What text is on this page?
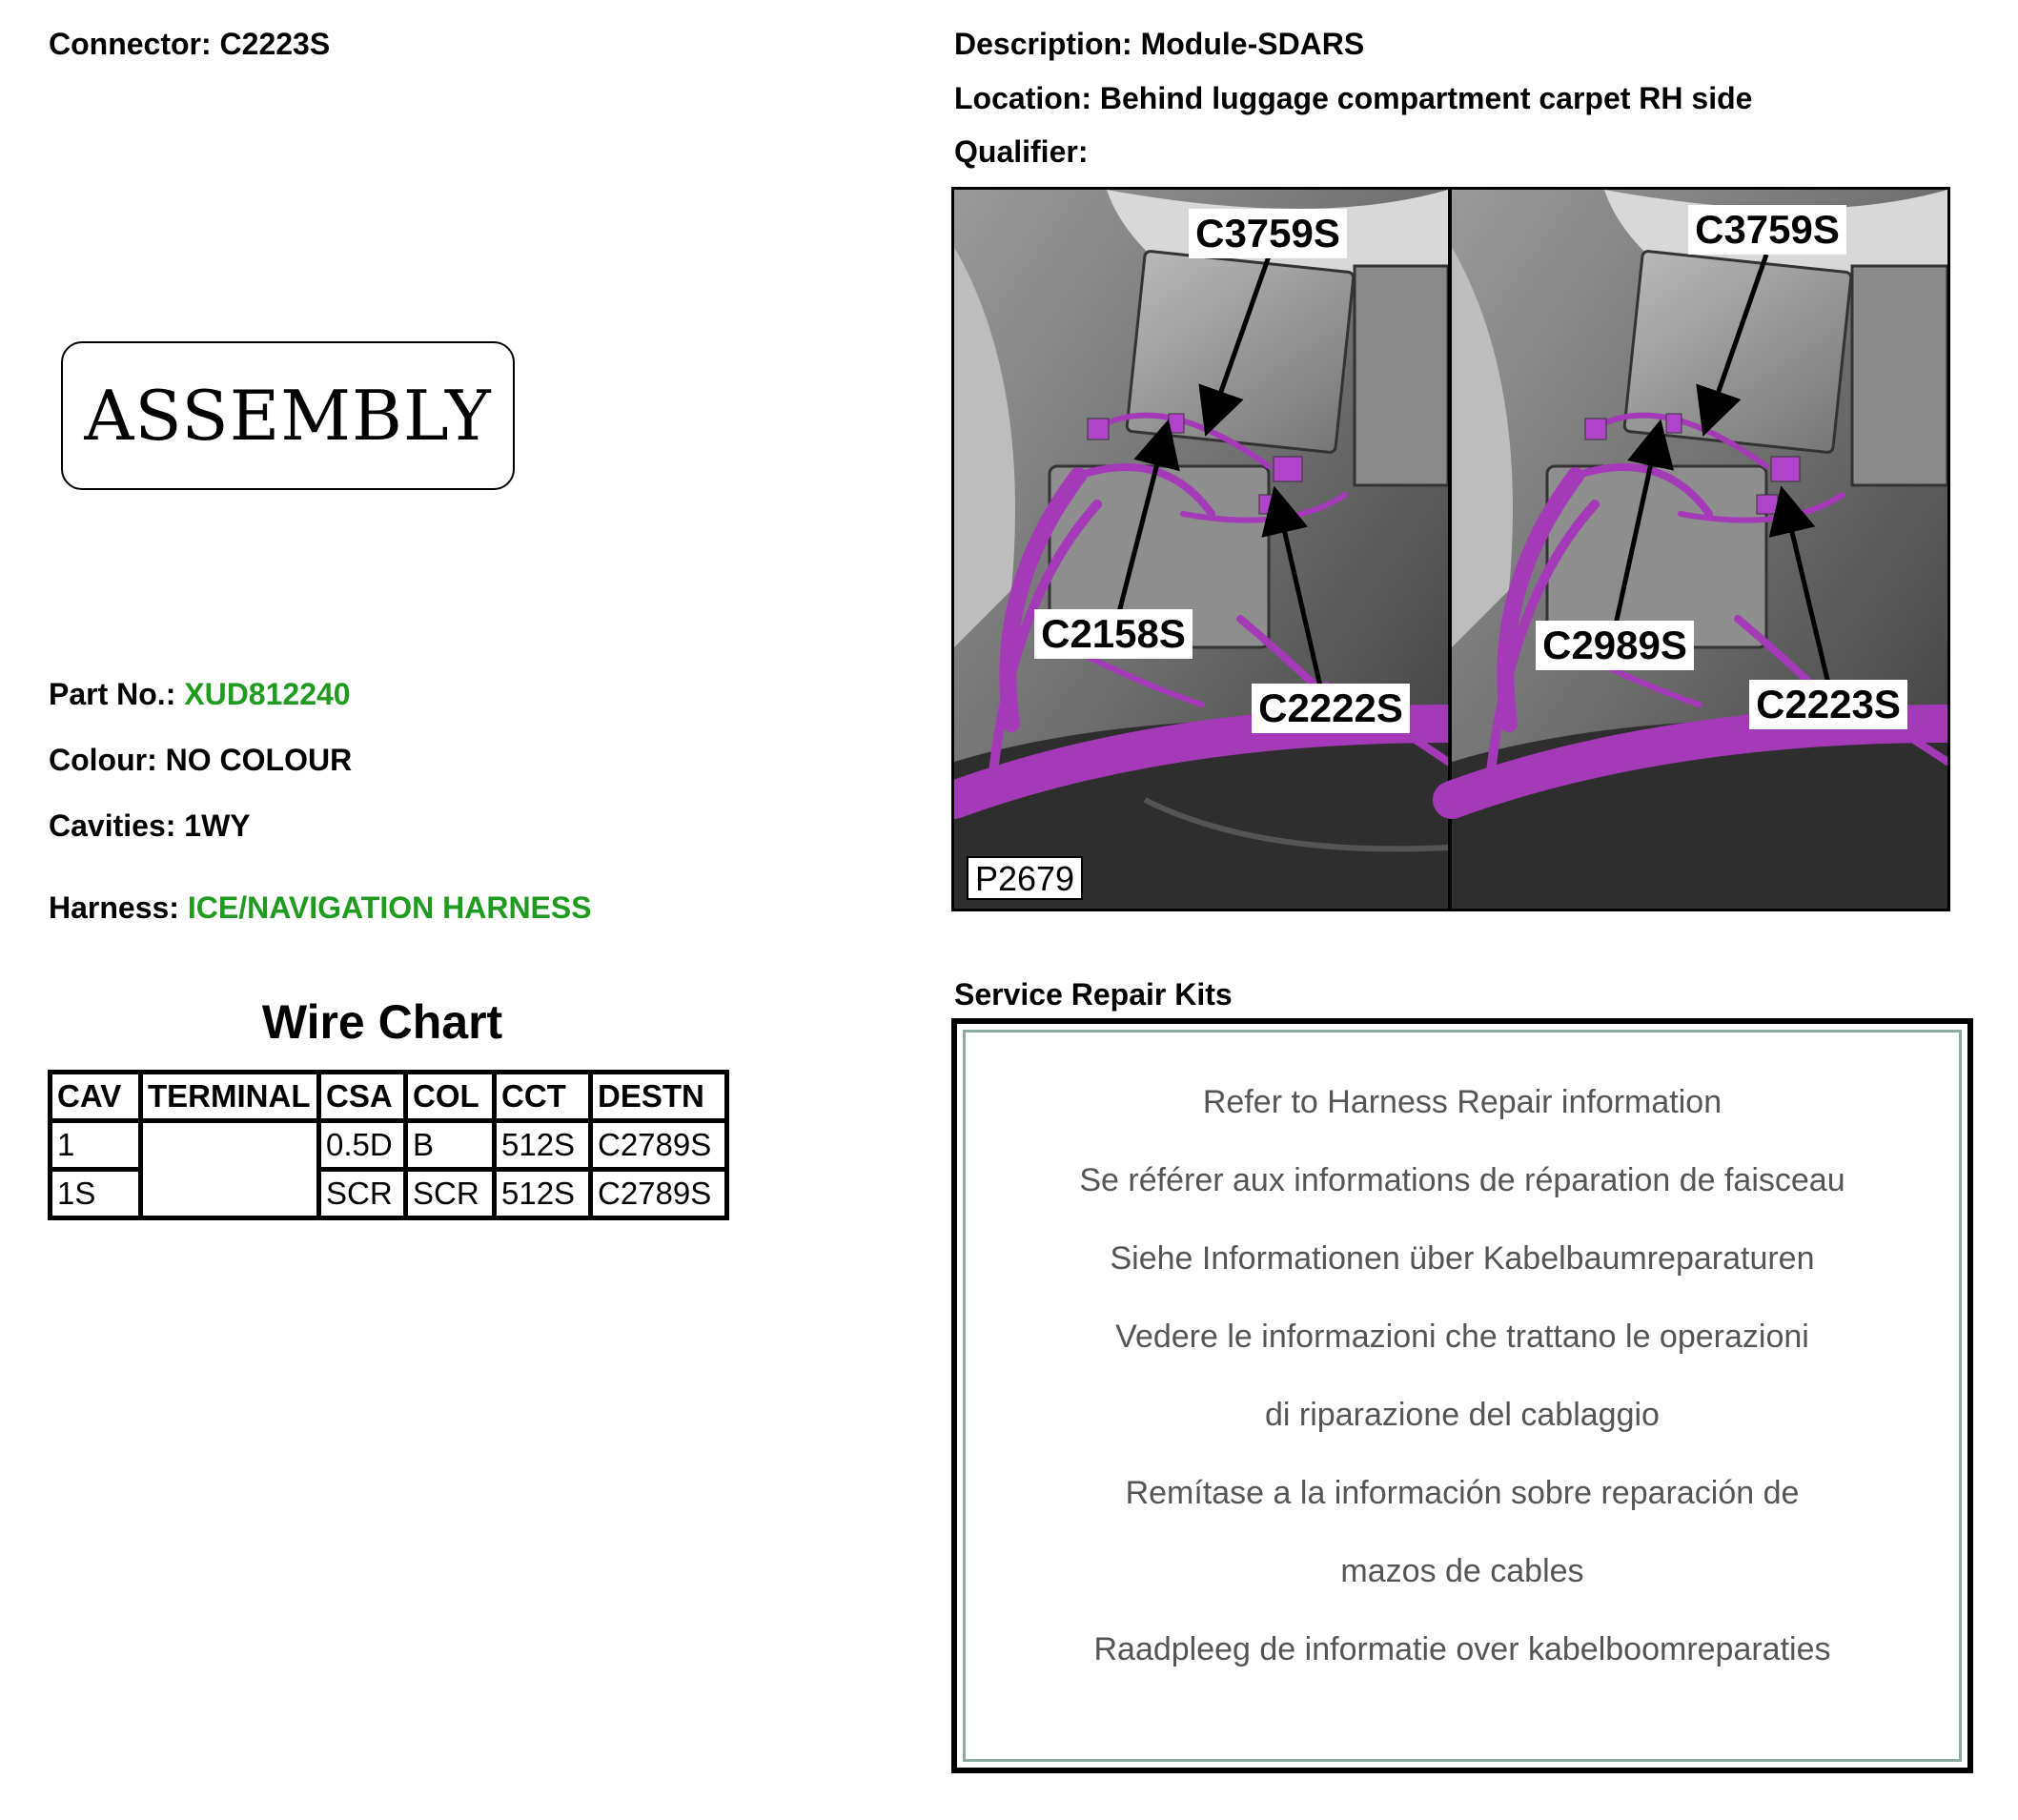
Connector: C2223S	Description: Module-SDARS
Location: Behind luggage compartment carpet RH side
Qualifier:
ASSEMBLY
Part No.: XUD812240
Colour: NO COLOUR
Cavities: 1WY
Harness: ICE/NAVIGATION HARNESS
Wire Chart
CAV	TERMINAL	CSA	COL	CCT	DESTN
1		0.5D	B	512S	C2789S
1S		SCR	SCR	512S	C2789S
C3759S
C2158S
C2222S
P2679
C3759S
C2989S
C2223S
Service Repair Kits
Refer to Harness Repair information
Se référer aux informations de réparation de faisceau
Siehe Informationen über Kabelbaumreparaturen
Vedere le informazioni che trattano le operazioni
di riparazione del cablaggio
Remítase a la información sobre reparación de
mazos de cables
Raadpleeg de informatie over kabelboomreparaties
